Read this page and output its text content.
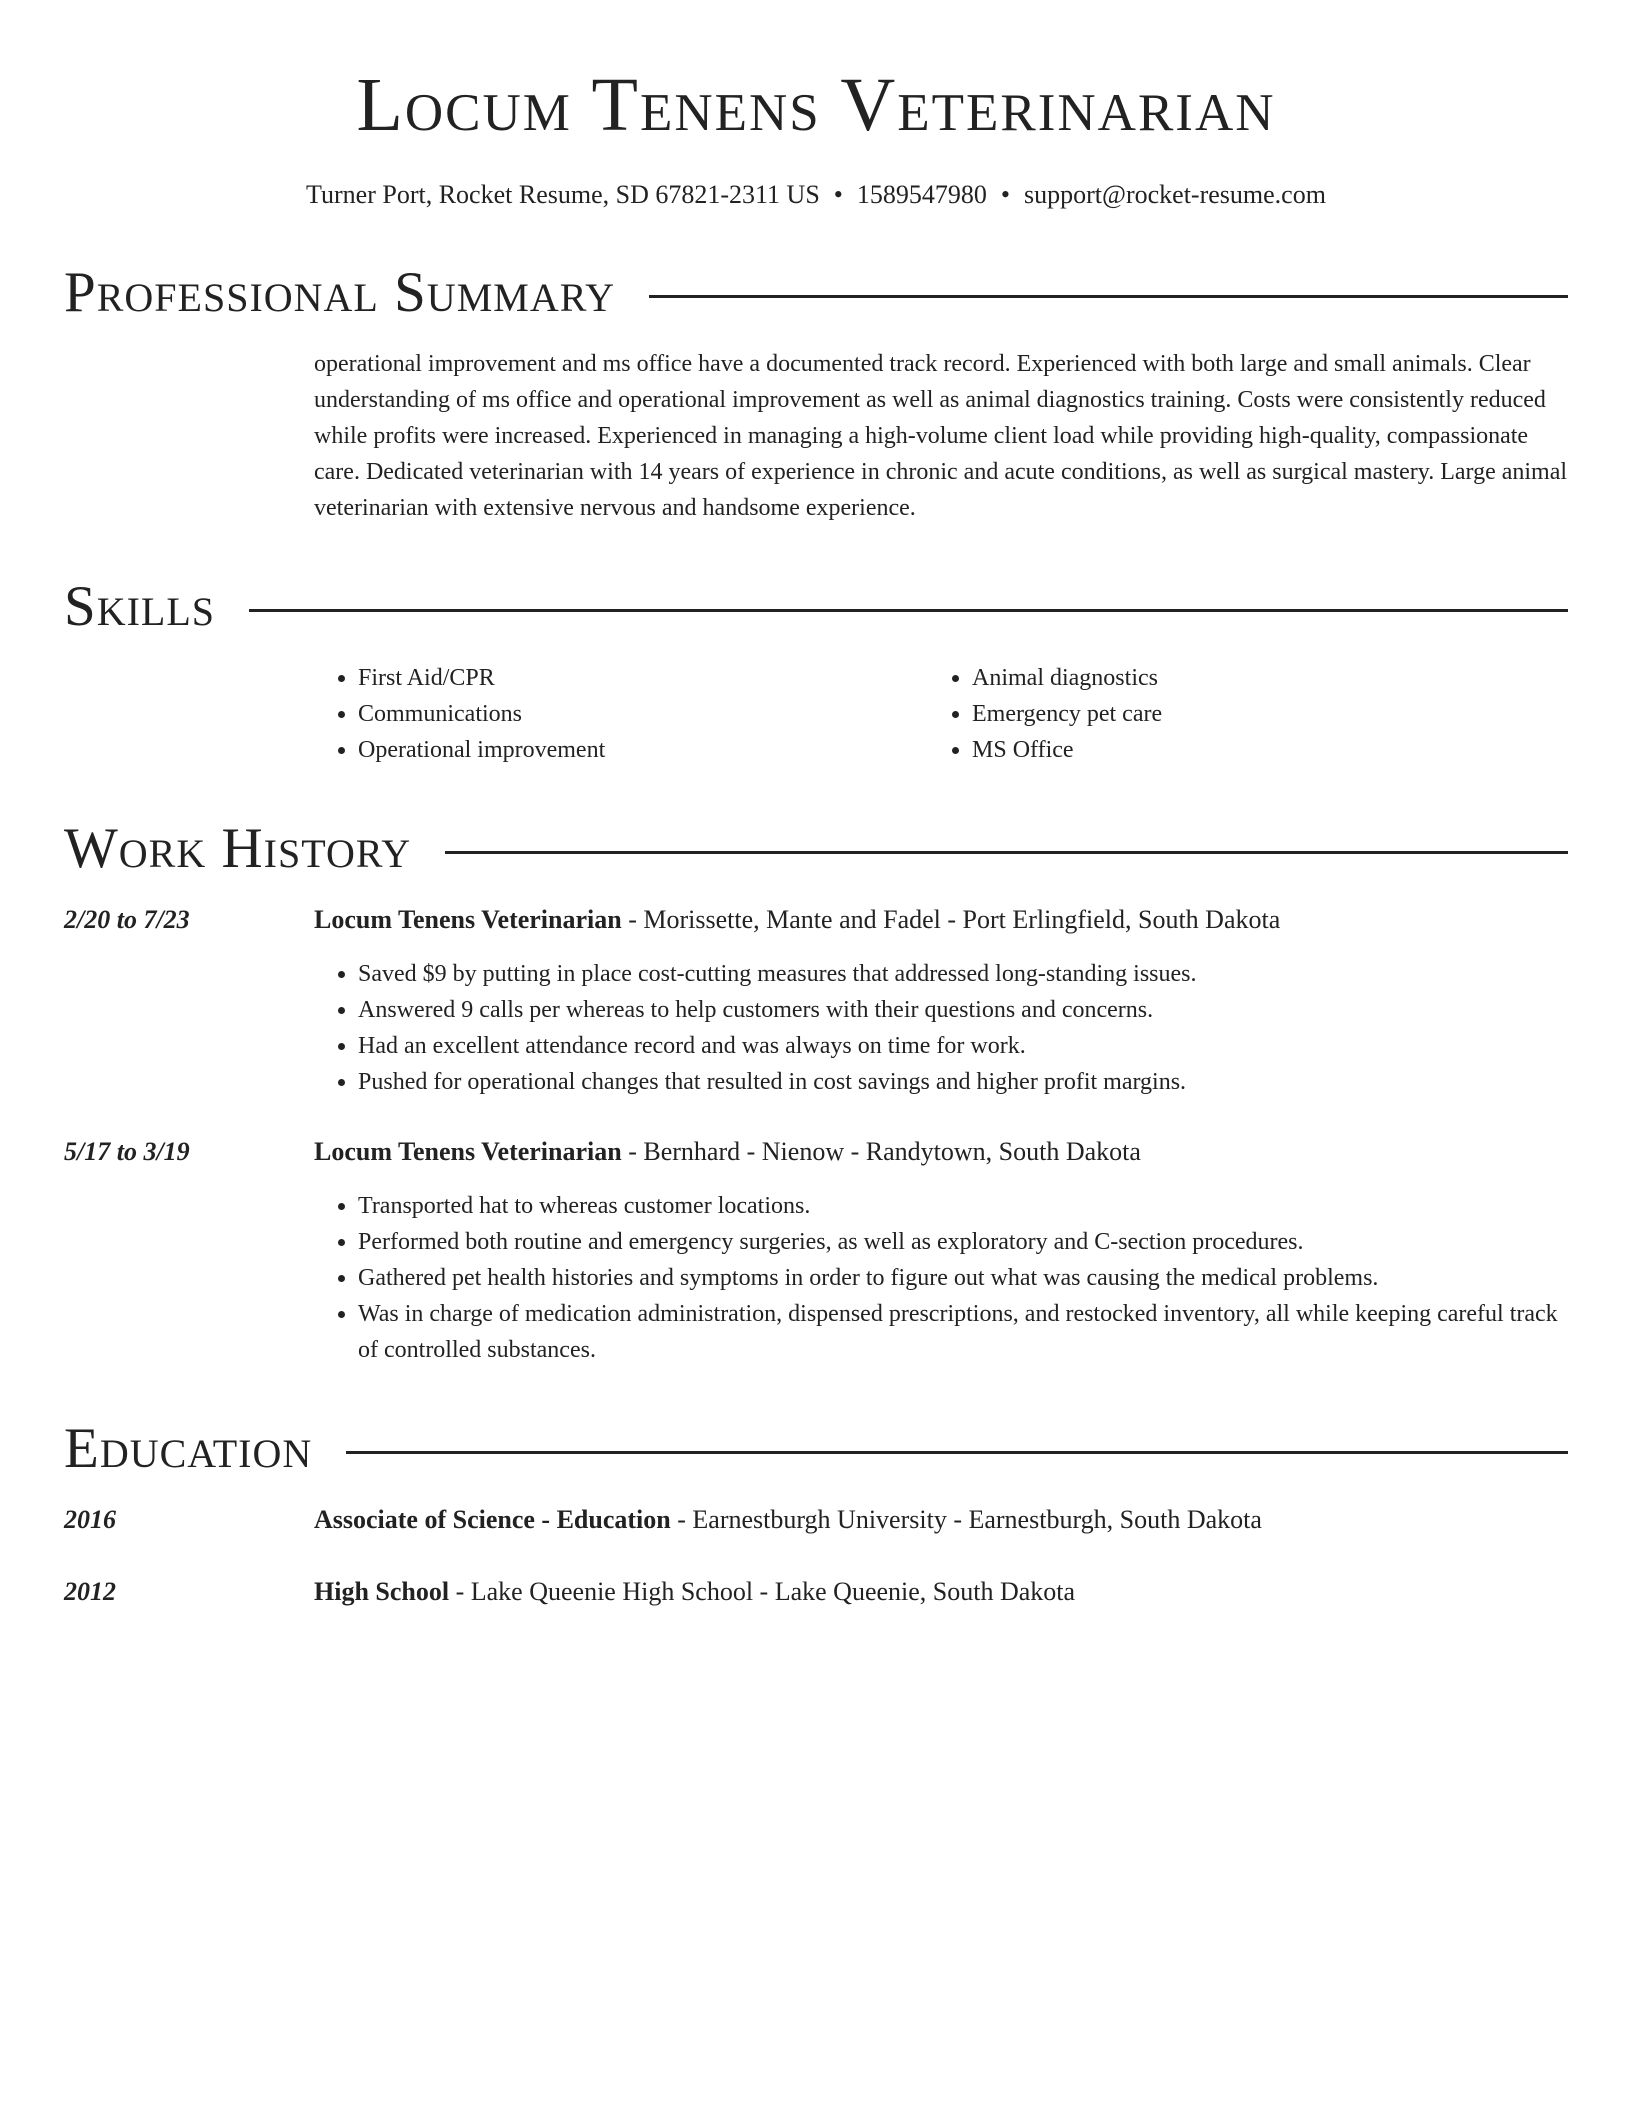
Locum Tenens Veterinarian
Turner Port, Rocket Resume, SD 67821-2311 US • 1589547980 • support@rocket-resume.com
Professional Summary
operational improvement and ms office have a documented track record. Experienced with both large and small animals. Clear understanding of ms office and operational improvement as well as animal diagnostics training. Costs were consistently reduced while profits were increased. Experienced in managing a high-volume client load while providing high-quality, compassionate care. Dedicated veterinarian with 14 years of experience in chronic and acute conditions, as well as surgical mastery. Large animal veterinarian with extensive nervous and handsome experience.
Skills
• First Aid/CPR
• Communications
• Operational improvement
• Animal diagnostics
• Emergency pet care
• MS Office
Work History
2/20 to 7/23	Locum Tenens Veterinarian - Morissette, Mante and Fadel - Port Erlingfield, South Dakota
• Saved $9 by putting in place cost-cutting measures that addressed long-standing issues.
• Answered 9 calls per whereas to help customers with their questions and concerns.
• Had an excellent attendance record and was always on time for work.
• Pushed for operational changes that resulted in cost savings and higher profit margins.
5/17 to 3/19	Locum Tenens Veterinarian - Bernhard - Nienow - Randytown, South Dakota
• Transported hat to whereas customer locations.
• Performed both routine and emergency surgeries, as well as exploratory and C-section procedures.
• Gathered pet health histories and symptoms in order to figure out what was causing the medical problems.
• Was in charge of medication administration, dispensed prescriptions, and restocked inventory, all while keeping careful track of controlled substances.
Education
2016	Associate of Science - Education - Earnestburgh University - Earnestburgh, South Dakota
2012	High School - Lake Queenie High School - Lake Queenie, South Dakota
